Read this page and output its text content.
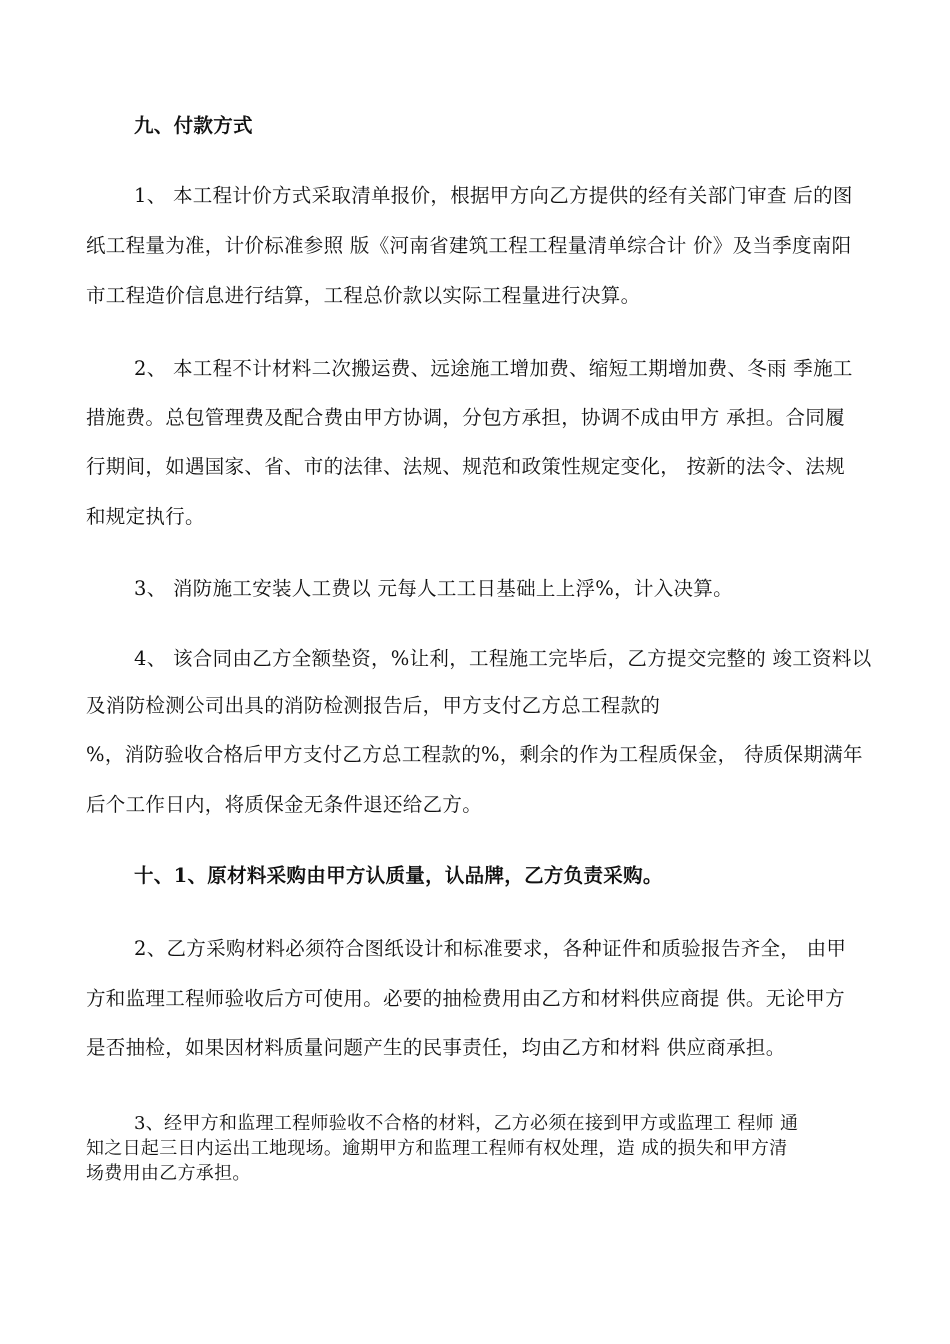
九、付款方式

1、 本工程计价方式采取清单报价，根据甲方向乙方提供的经有关部门审查 后的图

纸工程量为准，计价标准参照 版《河南省建筑工程工程量清单综合计 价》及当季度南阳

市工程造价信息进行结算，工程总价款以实际工程量进行决算。

2、 本工程不计材料二次搬运费、远途施工增加费、缩短工期增加费、冬雨 季施工

措施费。总包管理费及配合费由甲方协调，分包方承担，协调不成由甲方 承担。合同履

行期间，如遇国家、省、市的法律、法规、规范和政策性规定变化， 按新的法令、法规

和规定执行。

3、 消防施工安装人工费以 元每人工工日基础上上浮%，计入决算。

4、 该合同由乙方全额垫资，%让利，工程施工完毕后，乙方提交完整的 竣工资料以

及消防检测公司出具的消防检测报告后，甲方支付乙方总工程款的

%，消防验收合格后甲方支付乙方总工程款的%，剩余的作为工程质保金， 待质保期满年

后个工作日内，将质保金无条件退还给乙方。

十、1、原材料采购由甲方认质量，认品牌，乙方负责采购。

2、乙方采购材料必须符合图纸设计和标准要求，各种证件和质验报告齐全， 由甲

方和监理工程师验收后方可使用。必要的抽检费用由乙方和材料供应商提 供。无论甲方

是否抽检，如果因材料质量问题产生的民事责任，均由乙方和材料 供应商承担。

3、经甲方和监理工程师验收不合格的材料，乙方必须在接到甲方或监理工 程师 通

知之日起三日内运出工地现场。逾期甲方和监理工程师有权处理，造 成的损失和甲方清

场费用由乙方承担。
